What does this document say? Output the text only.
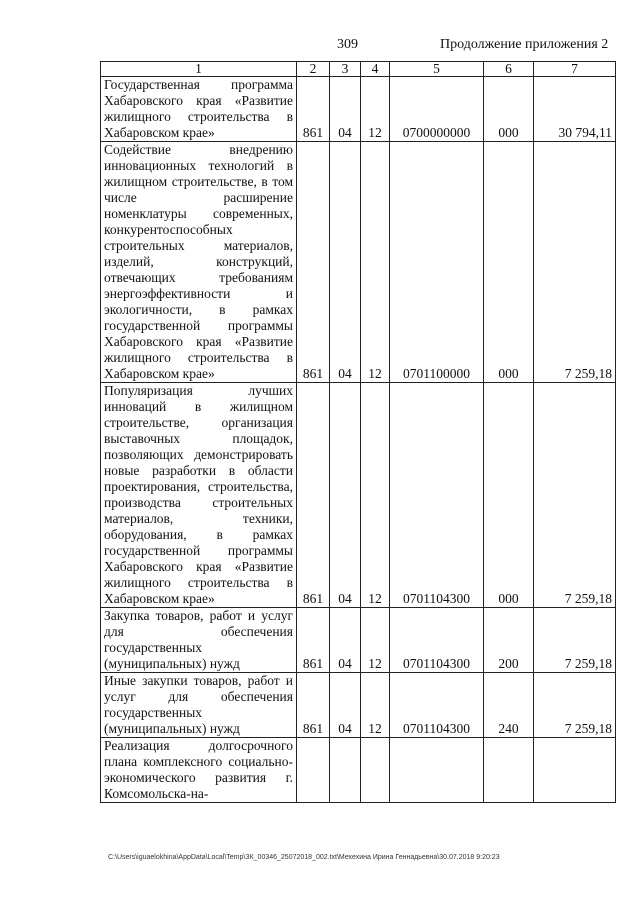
309	Продолжение приложения 2
1	2	3	4	5	6	7
Государственная программа Хабаровского края «Развитие жилищного строительства в Хабаровском крае»	861	04	12	0700000000	000	30 794,11
Содействие внедрению инновационных технологий в жилищном строительстве, в том числе расширение номенклатуры современных, конкурентоспособных строительных материалов, изделий, конструкций, отвечающих требованиям энергоэффективности и экологичности, в рамках государственной программы Хабаровского края «Развитие жилищного строительства в Хабаровском крае»	861	04	12	0701100000	000	7 259,18
Популяризация лучших инноваций в жилищном строительстве, организация выставочных площадок, позволяющих демонстрировать новые разработки в области проектирования, строительства, производства строительных материалов, техники, оборудования, в рамках государственной программы Хабаровского края «Развитие жилищного строительства в Хабаровском крае»	861	04	12	0701104300	000	7 259,18
Закупка товаров, работ и услуг для обеспечения государственных (муниципальных) нужд	861	04	12	0701104300	200	7 259,18
Иные закупки товаров, работ и услуг для обеспечения государственных (муниципальных) нужд	861	04	12	0701104300	240	7 259,18
Реализация долгосрочного плана комплексного социально-экономического развития г. Комсомольска-на-						
C:\Users\iguaelokhina\AppData\Local\Temp\ЗК_00346_25072018_002.txt\Мехехина Ирина Геннадьевна\30.07.2018 9:20:23
